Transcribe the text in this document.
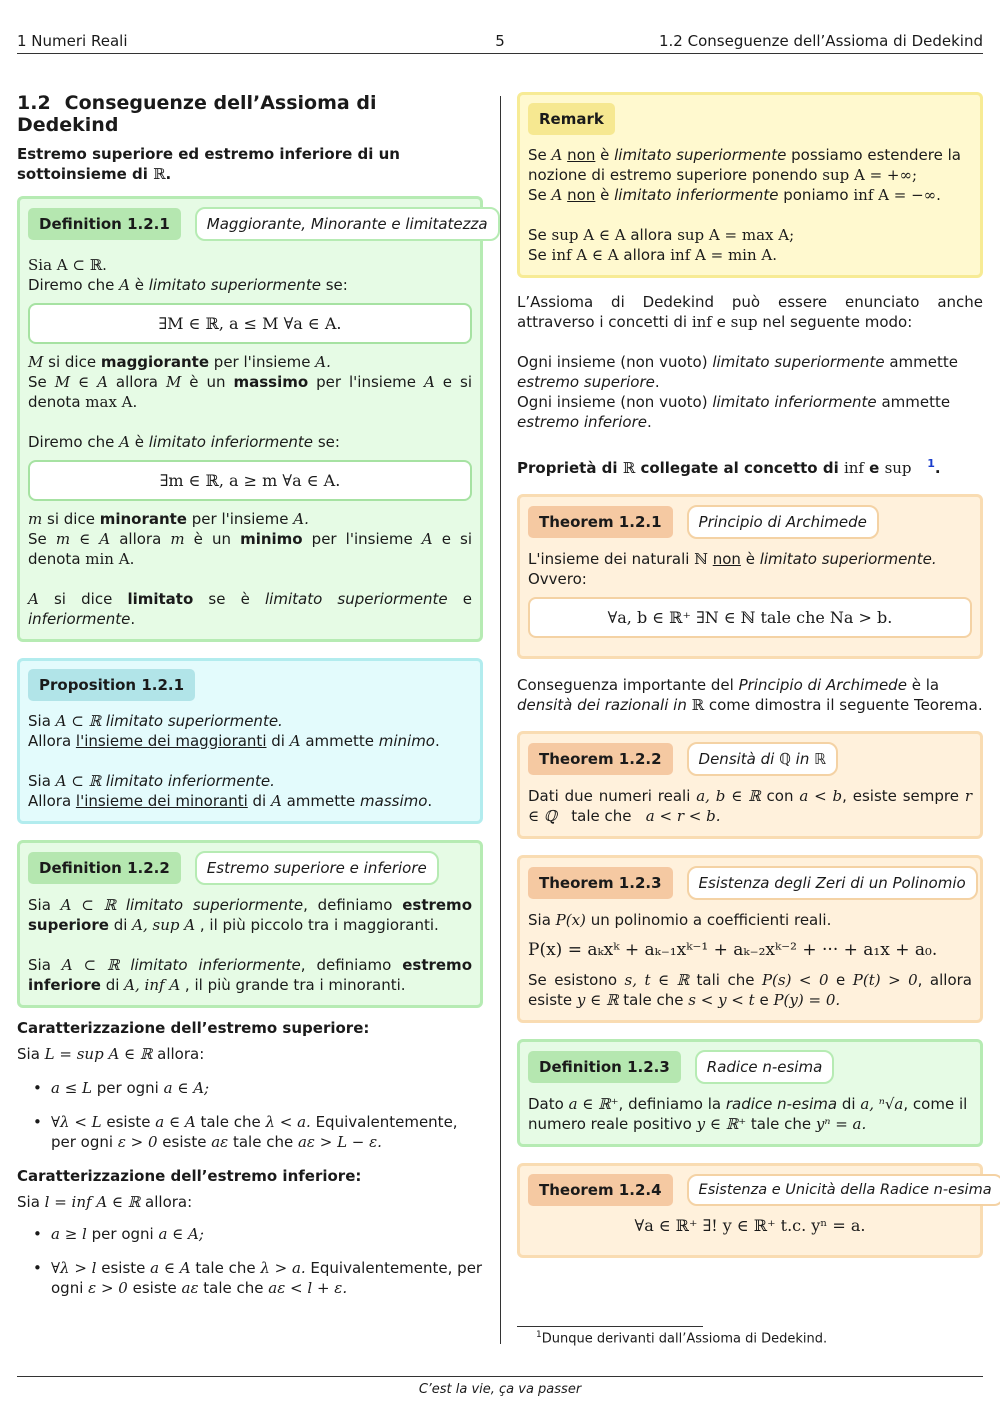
1 Numeri Reali	5	1.2 Conseguenze dell’Assioma di Dedekind
1.2 Conseguenze dell’Assioma di Dedekind

Estremo superiore ed estremo inferiore di un sottoinsieme di ℝ.

Definition 1.2.1	Maggiorante, Minorante e limitatezza

Sia A ⊂ ℝ.

Diremo che A è limitato superiormente se:

∃M ∈ ℝ, a ≤ M ∀a ∈ A.

M si dice maggiorante per l'insieme A.

Se M ∈ A allora M è un massimo per l'insieme A e si denota max A.

Diremo che A è limitato inferiormente se:

∃m ∈ ℝ, a ≥ m ∀a ∈ A.

m si dice minorante per l'insieme A.

Se m ∈ A allora m è un minimo per l'insieme A e si denota min A.

A si dice limitato se è limitato superiormente e inferiormente.

Proposition 1.2.1

Sia A ⊂ ℝ limitato superiormente.

Allora l'insieme dei maggioranti di A ammette minimo.

Sia A ⊂ ℝ limitato inferiormente.

Allora l'insieme dei minoranti di A ammette massimo.

Definition 1.2.2	Estremo superiore e inferiore

Sia A ⊂ ℝ limitato superiormente, definiamo estremo superiore di A, sup A , il più piccolo tra i maggioranti.

Sia A ⊂ ℝ limitato inferiormente, definiamo estremo inferiore di A, inf A , il più grande tra i minoranti.

Caratterizzazione dell’estremo superiore:

Sia L = sup A ∈ ℝ allora:

• a ≤ L per ogni a ∈ A;
• ∀λ < L esiste a ∈ A tale che λ < a. Equivalentemente, per ogni ε > 0 esiste aε tale che aε > L − ε.
Caratterizzazione dell’estremo inferiore:

Sia l = inf A ∈ ℝ allora:

• a ≥ l per ogni a ∈ A;
• ∀λ > l esiste a ∈ A tale che λ > a. Equivalentemente, per ogni ε > 0 esiste aε tale che aε < l + ε.
Remark

Se A non è limitato superiormente possiamo estendere la nozione di estremo superiore ponendo sup A = +∞;

Se A non è limitato inferiormente poniamo inf A = −∞.

Se sup A ∈ A allora sup A = max A;

Se inf A ∈ A allora inf A = min A.

L’Assioma di Dedekind può essere enunciato anche attraverso i concetti di inf e sup nel seguente modo:

Ogni insieme (non vuoto) limitato superiormente ammette estremo superiore.

Ogni insieme (non vuoto) limitato inferiormente ammette estremo inferiore.

Proprietà di ℝ collegate al concetto di inf e sup $^1$.

Theorem 1.2.1	Principio di Archimede

L'insieme dei naturali ℕ non è limitato superiormente.

Ovvero:

∀a, b ∈ ℝ⁺ ∃N ∈ ℕ tale che Na > b.

Conseguenza importante del Principio di Archimede è la densità dei razionali in ℝ come dimostra il seguente Teorema.

Theorem 1.2.2	Densità di ℚ in ℝ

Dati due numeri reali a, b ∈ ℝ con a < b, esiste sempre r ∈ ℚ   tale che   a < r < b.

Theorem 1.2.3	Esistenza degli Zeri di un Polinomio

Sia P(x) un polinomio a coefficienti reali.

P(x) = aₖxᵏ + aₖ₋₁xᵏ⁻¹ + aₖ₋₂xᵏ⁻² + ··· + a₁x + a₀.

Se esistono s, t ∈ ℝ tali che P(s) < 0 e P(t) > 0, allora esiste y ∈ ℝ tale che s < y < t e P(y) = 0.

Definition 1.2.3	Radice n-esima

Dato a ∈ ℝ⁺, definiamo la radice n-esima di a, ⁿ√a, come il numero reale positivo y ∈ ℝ⁺ tale che yⁿ = a.

Theorem 1.2.4	Esistenza e Unicità della Radice n-esima
∀a ∈ ℝ⁺ ∃! y ∈ ℝ⁺ t.c. yⁿ = a.
$^1$Dunque derivanti dall’Assioma di Dedekind.
C’est la vie, ça va passer
